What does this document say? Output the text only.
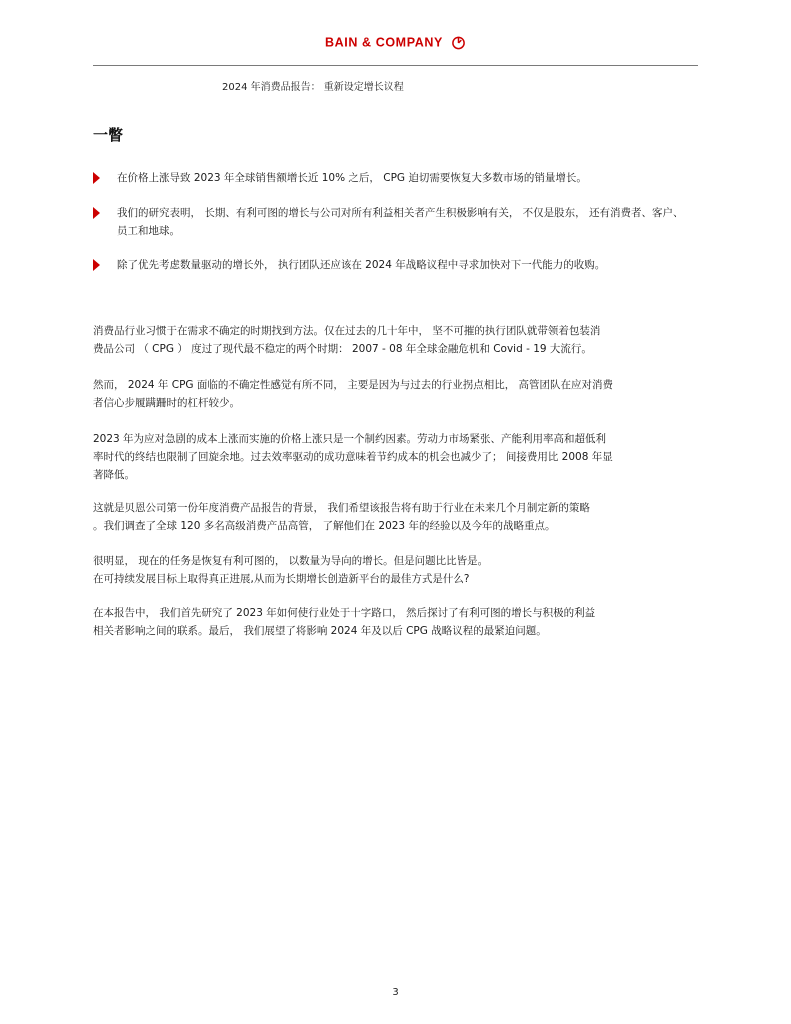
BAIN & COMPANY
2024 年消费品报告： 重新设定增长议程
一瞥
在价格上涨导致 2023 年全球销售额增长近 10% 之后， CPG 迫切需要恢复大多数市场的销量增长。
我们的研究表明， 长期、有利可图的增长与公司对所有利益相关者产生积极影响有关， 不仅是股东， 还有消费者、客户、员工和地球。
除了优先考虑数量驱动的增长外， 执行团队还应该在 2024 年战略议程中寻求加快对下一代能力的收购。
消费品行业习惯于在需求不确定的时期找到方法。仅在过去的几十年中， 坚不可摧的执行团队就带领着包装消
费品公司 （ CPG ） 度过了现代最不稳定的两个时期： 2007 - 08 年全球金融危机和 Covid - 19 大流行。
然而， 2024 年 CPG 面临的不确定性感觉有所不同， 主要是因为与过去的行业拐点相比， 高管团队在应对消费
者信心步履蹒跚时的杠杆较少。
2023 年为应对急剧的成本上涨而实施的价格上涨只是一个制约因素。劳动力市场紧张、产能利用率高和超低利
率时代的终结也限制了回旋余地。过去效率驱动的成功意味着节约成本的机会也减少了； 间接费用比 2008 年显
著降低。
这就是贝恩公司第一份年度消费产品报告的背景， 我们希望该报告将有助于行业在未来几个月制定新的策略
。我们调查了全球 120 多名高级消费产品高管， 了解他们在 2023 年的经验以及今年的战略重点。
很明显， 现在的任务是恢复有利可图的， 以数量为导向的增长。但是问题比比皆是。
在可持续发展目标上取得真正进展,从而为长期增长创造新平台的最佳方式是什么?
在本报告中， 我们首先研究了 2023 年如何使行业处于十字路口， 然后探讨了有利可图的增长与积极的利益
相关者影响之间的联系。最后， 我们展望了将影响 2024 年及以后 CPG 战略议程的最紧迫问题。
3
